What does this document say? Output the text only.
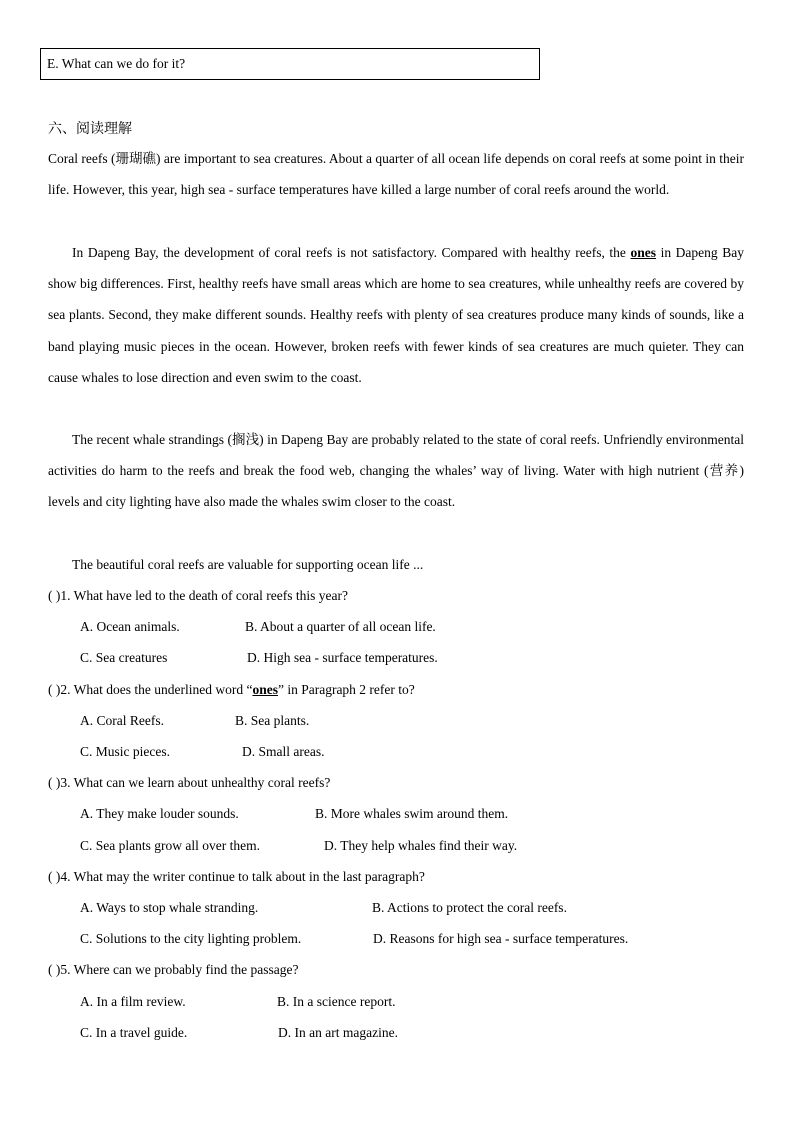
E. What can we do for it?
六、阅读理解
Coral reefs (珊瑚礁) are important to sea creatures. About a quarter of all ocean life depends on coral reefs at some point in their life. However, this year, high sea - surface temperatures have killed a large number of coral reefs around the world.
In Dapeng Bay, the development of coral reefs is not satisfactory. Compared with healthy reefs, the ones in Dapeng Bay show big differences. First, healthy reefs have small areas which are home to sea creatures, while unhealthy reefs are covered by sea plants. Second, they make different sounds. Healthy reefs with plenty of sea creatures produce many kinds of sounds, like a band playing music pieces in the ocean. However, broken reefs with fewer kinds of sea creatures are much quieter. They can cause whales to lose direction and even swim to the coast.
The recent whale strandings (搁浅) in Dapeng Bay are probably related to the state of coral reefs. Unfriendly environmental activities do harm to the reefs and break the food web, changing the whales’ way of living. Water with high nutrient (营养) levels and city lighting have also made the whales swim closer to the coast.
The beautiful coral reefs are valuable for supporting ocean life ...
( )1. What have led to the death of coral reefs this year?
A. Ocean animals.	B. About a quarter of all ocean life.
C. Sea creatures	D. High sea - surface temperatures.
( )2. What does the underlined word “ones” in Paragraph 2 refer to?
A. Coral Reefs.	B. Sea plants.
C. Music pieces.	D. Small areas.
( )3. What can we learn about unhealthy coral reefs?
A. They make louder sounds.	B. More whales swim around them.
C. Sea plants grow all over them.	D. They help whales find their way.
( )4. What may the writer continue to talk about in the last paragraph?
A. Ways to stop whale stranding.	B. Actions to protect the coral reefs.
C. Solutions to the city lighting problem.	D. Reasons for high sea - surface temperatures.
( )5. Where can we probably find the passage?
A. In a film review.	B. In a science report.
C. In a travel guide.	D. In an art magazine.
